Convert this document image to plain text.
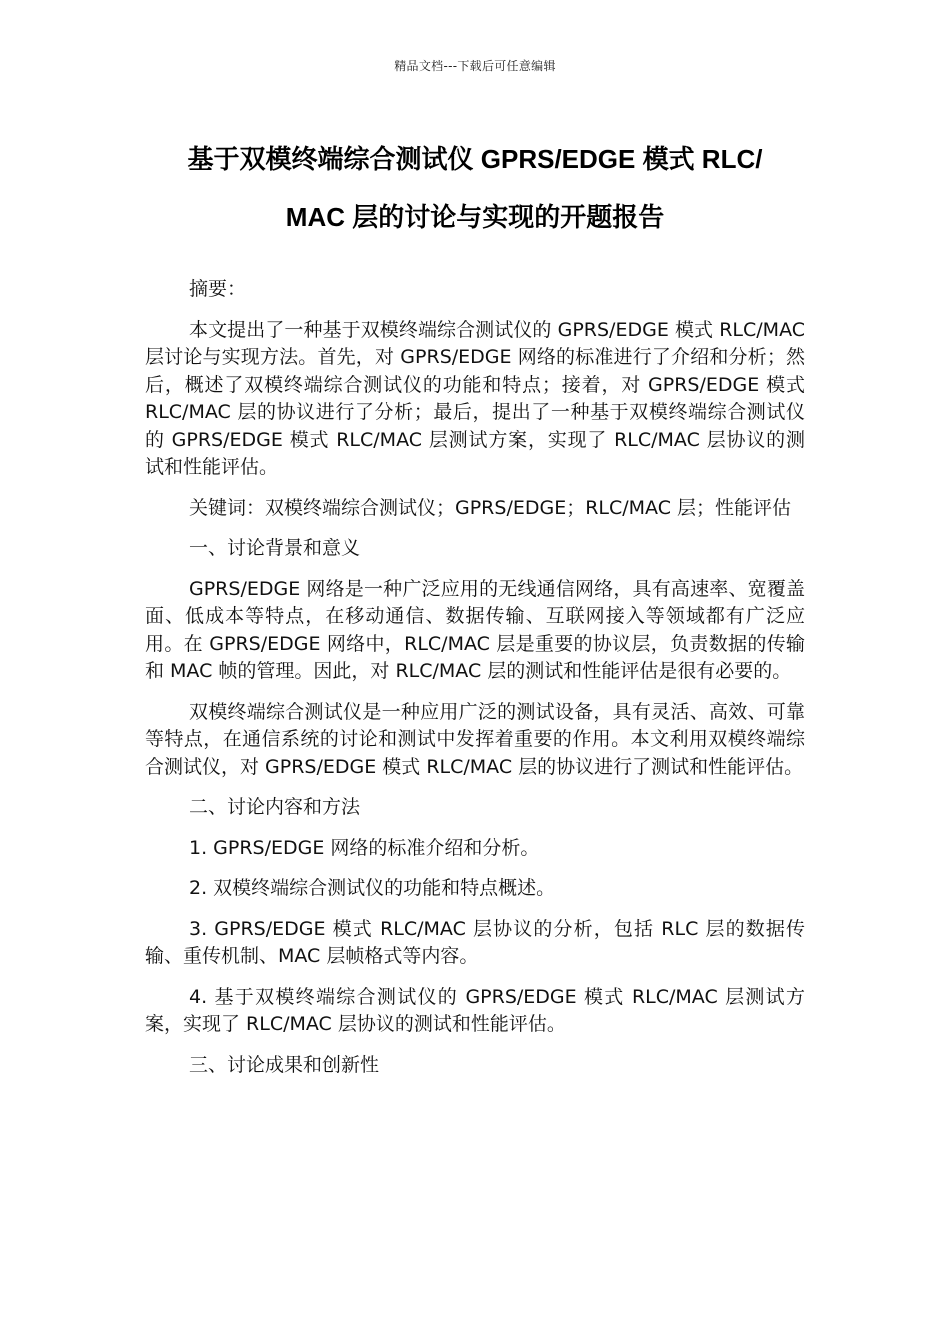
精品文档---下载后可任意编辑
基于双模终端综合测试仪 GPRS/EDGE 模式 RLC/
MAC 层的讨论与实现的开题报告

摘要：

本文提出了一种基于双模终端综合测试仪的 GPRS/EDGE 模式 RLC/MAC 层讨论与实现方法。首先，对 GPRS/EDGE 网络的标准进行了介绍和分析；然后，概述了双模终端综合测试仪的功能和特点；接着，对 GPRS/EDGE 模式 RLC/MAC 层的协议进行了分析；最后，提出了一种基于双模终端综合测试仪的 GPRS/EDGE 模式 RLC/MAC 层测试方案，实现了 RLC/MAC 层协议的测试和性能评估。

关键词：双模终端综合测试仪；GPRS/EDGE；RLC/MAC 层；性能评估

一、讨论背景和意义

GPRS/EDGE 网络是一种广泛应用的无线通信网络，具有高速率、宽覆盖面、低成本等特点，在移动通信、数据传输、互联网接入等领域都有广泛应用。在 GPRS/EDGE 网络中，RLC/MAC 层是重要的协议层，负责数据的传输和 MAC 帧的管理。因此，对 RLC/MAC 层的测试和性能评估是很有必要的。

双模终端综合测试仪是一种应用广泛的测试设备，具有灵活、高效、可靠等特点，在通信系统的讨论和测试中发挥着重要的作用。本文利用双模终端综合测试仪，对 GPRS/EDGE 模式 RLC/MAC 层的协议进行了测试和性能评估。

二、讨论内容和方法

1. GPRS/EDGE 网络的标准介绍和分析。

2. 双模终端综合测试仪的功能和特点概述。

3. GPRS/EDGE 模式 RLC/MAC 层协议的分析，包括 RLC 层的数据传输、重传机制、MAC 层帧格式等内容。

4. 基于双模终端综合测试仪的 GPRS/EDGE 模式 RLC/MAC 层测试方案，实现了 RLC/MAC 层协议的测试和性能评估。

三、讨论成果和创新性
